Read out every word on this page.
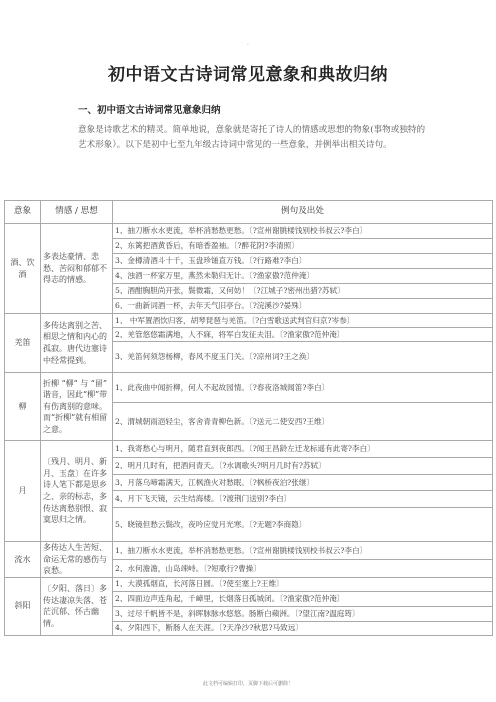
.
初中语文古诗词常见意象和典故归纳
一、初中语文古诗词常见意象归纳
意象是诗歌艺术的精灵。简单地说，意象就是寄托了诗人的情感或思想的物象(事物或独特的艺术形象）。以下是初中七至九年级古诗词中常见的一些意象，并例举出相关诗句。
意象	情感 / 思想	例句及出处
酒、饮酒	多表达豪情、悲愁、苦闷和郁郁不得志的情感。	1、抽刀断水水更流，举杯消愁愁更愁。〔?宣州谢朓楼饯别校书叔云?李白〕
		2、东篱把酒黄昏后，有暗香盈袖。〔?醉花阴?李清照〕
		3、金樽清酒斗十千，玉盘珍馐直万钱。〔?行路难?李白〕
		4、浊酒一杯家万里，燕然未勒归无计。〔?渔家傲?范仲淹〕
		5、酒酣胸胆尚开张，鬓微霜，又何妨！〔?江城子?密州出猎?苏轼〕
		6、一曲新词酒一杯，去年天气旧亭台。〔?浣溪沙?晏殊〕
羌笛	多传达离别之苦、相思之情和内心的孤寂。唐代边塞诗中经常提到。	1、 中军置酒饮归客，胡琴琵琶与羌笛。〔?白雪歌送武判官归京?岑参〕
		2、羌管悠悠霜满地，人不寐，将军白发征夫泪。〔?渔家傲?范仲淹〕
		3、羌笛何须怨杨柳，春风不度玉门关。〔?凉州词?王之涣〕
柳	折柳 “柳” 与 “留” 谐音，因此“柳”带有伤离别的意味。而“折柳”就有相留之意。	1、此夜曲中闻折柳，何人不起故园情。〔?春夜洛城闻笛?李白〕
		2、渭城朝雨浥轻尘，客舍青青柳色新。〔?送元二使安西?王维〕
月	〔残月、明月、新月、玉盘〕在许多诗人笔下都是思乡之、亲的标志，多传达离愁别恨、寂寞思归之情。	1、我寄愁心与明月，随君直到夜郎西。〔?闻王昌龄左迁龙标遥有此寄?李白〕
		2、明月几时有，把酒问青天。〔?水调歌头?明月几时有?苏轼〕
		3、月落乌啼霜满天，江枫渔火对愁眠。〔?枫桥夜泊?张继〕
		4、月下飞天镜，云生结海楼。〔?渡荆门送别?李白〕
		5、晓镜但愁云鬓改，夜吟应觉月光寒。〔?无题?李商隐〕
流水	多传达人生苦短、命运无常的感伤与哀愁。	1、抽刀断水水更流，举杯消愁愁更愁。〔?宣州谢朓楼饯别校书叔云?李白〕
		2、水何澹澹，山岛竦峙。〔?短歌行?曹操〕
斜阳	〔夕阳、落日〕多传达凄凉失落、苍茫沉郁、怀古幽情。	1、大漠孤烟直，长河落日圆。〔?使至塞上?王维〕
		2、四面边声连角起，千嶂里，长烟落日孤城闭。〔?渔家傲?范仲淹〕
		3、过尽千帆皆不是，斜晖脉脉水悠悠。肠断白蘋洲。〔?望江南?温庭筠〕
		4、夕阳西下，断肠人在天涯。〔?天净沙?秋思?马致远〕
此文档可编辑打印，页脚下载后可删除！
